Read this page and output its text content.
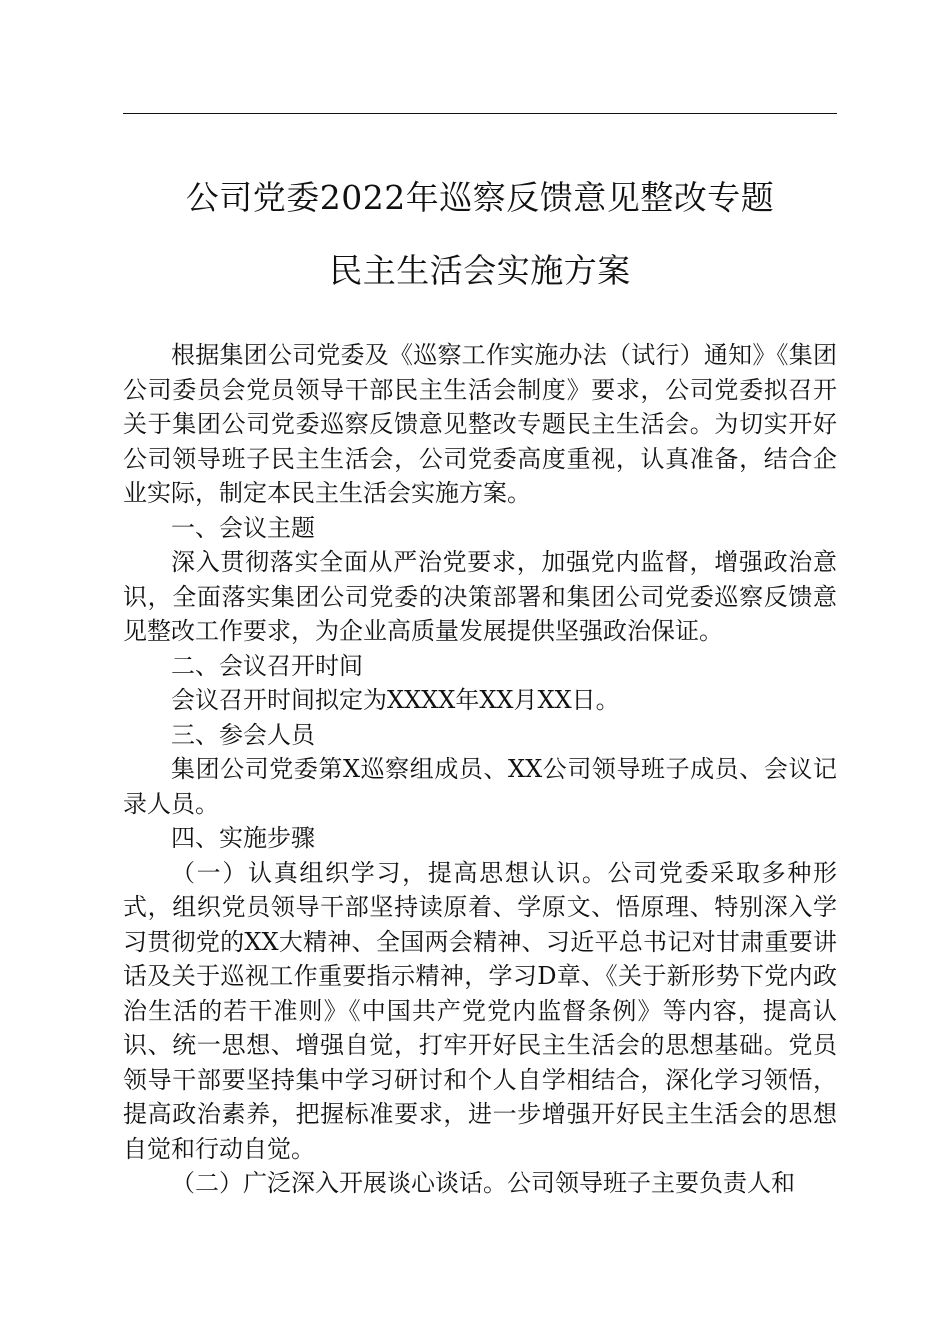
公司党委2022年巡察反馈意见整改专题
民主生活会实施方案

根据集团公司党委及《巡察工作实施办法（试行）通知》《集团公司委员会党员领导干部民主生活会制度》要求，公司党委拟召开关于集团公司党委巡察反馈意见整改专题民主生活会。为切实开好公司领导班子民主生活会，公司党委高度重视，认真准备，结合企业实际，制定本民主生活会实施方案。

一、会议主题

深入贯彻落实全面从严治党要求，加强党内监督，增强政治意识，全面落实集团公司党委的决策部署和集团公司党委巡察反馈意见整改工作要求，为企业高质量发展提供坚强政治保证。

二、会议召开时间

会议召开时间拟定为XXXX年XX月XX日。

三、参会人员

集团公司党委第X巡察组成员、XX公司领导班子成员、会议记录人员。

四、实施步骤

（一）认真组织学习，提高思想认识。公司党委采取多种形式，组织党员领导干部坚持读原着、学原文、悟原理、特别深入学习贯彻党的XX大精神、全国两会精神、习近平总书记对甘肃重要讲话及关于巡视工作重要指示精神，学习D章、《关于新形势下党内政治生活的若干准则》《中国共产党党内监督条例》等内容，提高认识、统一思想、增强自觉，打牢开好民主生活会的思想基础。党员领导干部要坚持集中学习研讨和个人自学相结合，深化学习领悟，提高政治素养，把握标准要求，进一步增强开好民主生活会的思想自觉和行动自觉。

（二）广泛深入开展谈心谈话。公司领导班子主要负责人和
